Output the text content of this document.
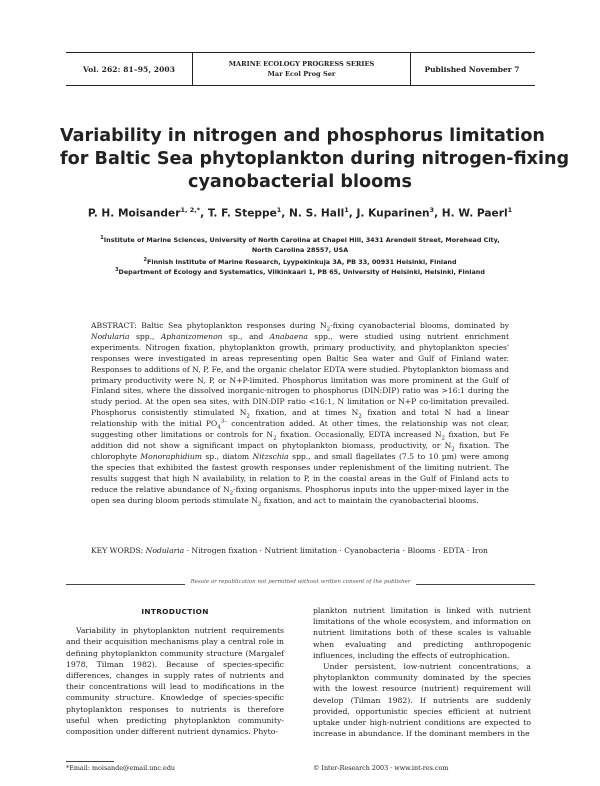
Vol. 262: 81–95, 2003
MARINE ECOLOGY PROGRESS SERIES
Mar Ecol Prog Ser
Published November 7
Variability in nitrogen and phosphorus limitation
for Baltic Sea phytoplankton during nitrogen-fixing
cyanobacterial blooms
P. H. Moisander$^{1, 2,*}$, T. F. Steppe$^1$, N. S. Hall$^1$, J. Kuparinen$^3$, H. W. Paerl$^1$
$^1$Institute of Marine Sciences, University of North Carolina at Chapel Hill, 3431 Arendell Street, Morehead City,
North Carolina 28557, USA
$^2$Finnish Institute of Marine Research, Lyypekinkuja 3A, PB 33, 00931 Helsinki, Finland
$^3$Department of Ecology and Systematics, Viikinkaari 1, PB 65, University of Helsinki, Helsinki, Finland
ABSTRACT: Baltic Sea phytoplankton responses during $N_2$-fixing cyanobacterial blooms, dominated by Nodularia spp., Aphanizomenon sp., and Anabaena spp., were studied using nutrient enrichment experiments. Nitrogen fixation, phytoplankton growth, primary productivity, and phytoplankton species' responses were investigated in areas representing open Baltic Sea water and Gulf of Finland water. Responses to additions of N, P, Fe, and the organic chelator EDTA were studied. Phytoplankton biomass and primary productivity were N, P, or N+P-limited. Phosphorus limitation was more prominent at the Gulf of Finland sites, where the dissolved inorganic-nitrogen to phosphorus (DIN:DIP) ratio was >16:1 during the study period. At the open sea sites, with DIN:DIP ratio <16:1, N limitation or N+P co-limitation prevailed. Phosphorus consistently stimulated $N_2$ fixation, and at times $N_2$ fixation and total N had a linear relationship with the initial $PO_4^{3-}$ concentration added. At other times, the relationship was not clear, suggesting other limitations or controls for $N_2$ fixation. Occasionally, EDTA increased $N_2$ fixation, but Fe addition did not show a significant impact on phytoplankton biomass, productivity, or $N_2$ fixation. The chlorophyte Monoraphidium sp., diatom Nitzschia spp., and small flagellates (7.5 to 10 µm) were among the species that exhibited the fastest growth responses under replenishment of the limiting nutrient. The results suggest that high N availability, in relation to P, in the coastal areas in the Gulf of Finland acts to reduce the relative abundance of $N_2$-fixing organisms. Phosphorus inputs into the upper-mixed layer in the open sea during bloom periods stimulate $N_2$ fixation, and act to maintain the cyanobacterial blooms.
KEY WORDS: Nodularia · Nitrogen fixation · Nutrient limitation · Cyanobacteria · Blooms · EDTA · Iron
Resale or republication not permitted without written consent of the publisher
INTRODUCTION

Variability in phytoplankton nutrient requirements and their acquisition mechanisms play a central role in defining phytoplankton community structure (Margalef 1978, Tilman 1982). Because of species-specific differences, changes in supply rates of nutrients and their concentrations will lead to modifications in the community structure. Knowledge of species-specific phytoplankton responses to nutrients is therefore useful when predicting phytoplankton community-composition under different nutrient dynamics. Phyto-

plankton nutrient limitation is linked with nutrient limitations of the whole ecosystem, and information on nutrient limitations both of these scales is valuable when evaluating and predicting anthropogenic influences, including the effects of eutrophication.

Under persistent, low-nutrient concentrations, a phytoplankton community dominated by the species with the lowest resource (nutrient) requirement will develop (Tilman 1982). If nutrients are suddenly provided, opportunistic species efficient at nutrient uptake under high-nutrient conditions are expected to increase in abundance. If the dominant members in the

*Email: moisande@email.unc.edu	© Inter-Research 2003 · www.int-res.com
